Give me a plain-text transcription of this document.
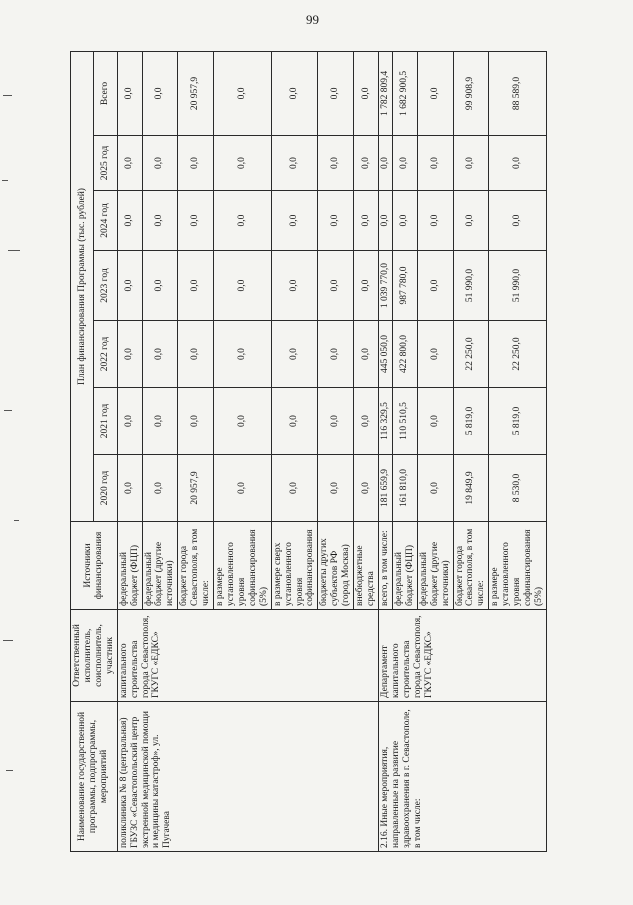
99
Наименование государственной программы, подпрограммы, мероприятий	Ответственный исполнитель, соисполнитель, участник	Источники финансирования	План финансирования Программы (тыс. рублей)						
			2020 год	2021 год	2022 год	2023 год	2024 год	2025 год	Всего
поликлиника № 8 (центральная) ГБУЗС «Севастопольский центр экстренной медицинской помощи и медицины катастроф», ул. Пугачева	капитального строительства города Севастополя, ГКУГС «ЕДКС»	федеральный бюджет (ФЦП)	0,0	0,0	0,0	0,0	0,0	0,0	0,0
		федеральный бюджет (другие источники)	0,0	0,0	0,0	0,0	0,0	0,0	0,0
		бюджет города Севастополя, в том числе:	20 957,9	0,0	0,0	0,0	0,0	0,0	20 957,9
		в размере установленного уровня софинансирования (5%)	0,0	0,0	0,0	0,0	0,0	0,0	0,0
		в размере сверх установленного уровня софинансирования	0,0	0,0	0,0	0,0	0,0	0,0	0,0
		бюджеты других субъектов РФ (город Москва)	0,0	0,0	0,0	0,0	0,0	0,0	0,0
		внебюджетные средства	0,0	0,0	0,0	0,0	0,0	0,0	0,0
2.16. Иные мероприятия, направленные на развитие здравоохранения в г. Севастополе, в том числе:	Департамент капитального строительства города Севастополя, ГКУГС «ЕДКС»	всего, в том числе:	181 659,9	116 329,5	445 050,0	1 039 770,0	0,0	0,0	1 782 809,4
		федеральный бюджет (ФЦП)	161 810,0	110 510,5	422 800,0	987 780,0	0,0	0,0	1 682 900,5
		федеральный бюджет (другие источники)	0,0	0,0	0,0	0,0	0,0	0,0	0,0
		бюджет города Севастополя, в том числе:	19 849,9	5 819,0	22 250,0	51 990,0	0,0	0,0	99 908,9
		в размере установленного уровня софинансирования (5%)	8 530,0	5 819,0	22 250,0	51 990,0	0,0	0,0	88 589,0
